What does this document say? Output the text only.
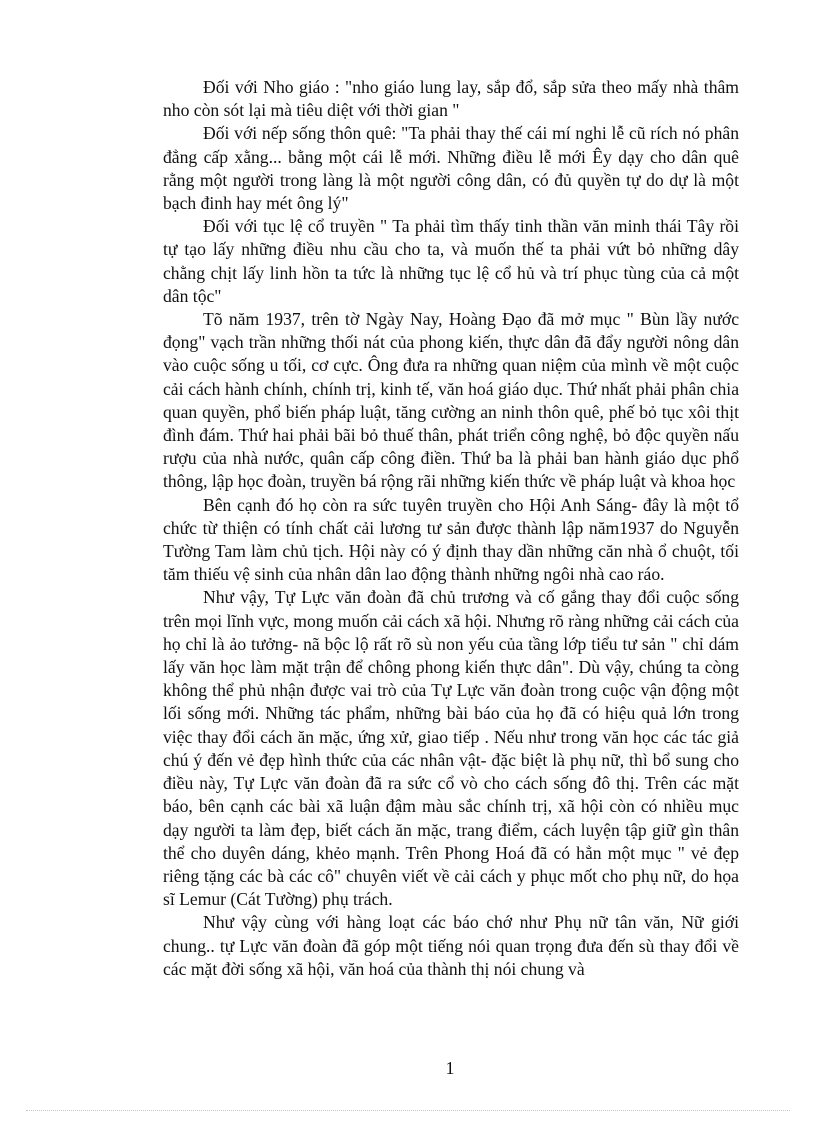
Đối với Nho giáo : "nho giáo lung lay, sắp đổ, sắp sửa theo mấy nhà thâm nho còn sót lại mà tiêu diệt với thời gian "

Đối với nếp sống thôn quê: "Ta phải thay thế cái mí nghi lễ cũ rích nó phân đẳng cấp xằng... bằng một cái lễ mới. Những điều lễ mới Êy dạy cho dân quê rằng một người trong làng là một người công dân, có đủ quyền tự do dự là một bạch đinh hay mét ông lý"

Đối với tục lệ cổ truyền " Ta phải tìm thấy tinh thần văn minh thái Tây rồi tự tạo lấy những điều nhu cầu cho ta, và muốn thế ta phải vứt bỏ những dây chằng chịt lấy linh hồn ta tức là những tục lệ cổ hủ và trí phục tùng của cả một dân tộc"

Tõ năm 1937, trên tờ Ngày Nay, Hoàng Đạo đã mở mục " Bùn lầy nước đọng" vạch trần những thối nát của phong kiến, thực dân đã đẩy người nông dân vào cuộc sống u tối, cơ cực. Ông đưa ra những quan niệm của mình về một cuộc cải cách hành chính, chính trị, kinh tế, văn hoá giáo dục. Thứ nhất phải phân chia quan quyền, phổ biến pháp luật, tăng cường an ninh thôn quê, phế bỏ tục xôi thịt đình đám. Thứ hai phải bãi bỏ thuế thân, phát triển công nghệ, bỏ độc quyền nấu rượu của nhà nước, quân cấp công điền. Thứ ba là phải ban hành giáo dục phổ thông, lập học đoàn, truyền bá rộng rãi những kiến thức về pháp luật và khoa học

Bên cạnh đó họ còn ra sức tuyên truyền cho Hội Anh Sáng- đây là một tổ chức từ thiện có tính chất cải lương tư sản được thành lập năm1937 do Nguyễn Tường Tam làm chủ tịch. Hội này có ý định thay dần những căn nhà ổ chuột, tối tăm thiếu vệ sinh của nhân dân lao động thành những ngôi nhà cao ráo.

Như vậy, Tự Lực văn đoàn đã chủ trương và cố gắng thay đổi cuộc sống trên mọi lĩnh vực, mong muốn cải cách xã hội. Nhưng rõ ràng những cải cách của họ chỉ là ảo tưởng- nã bộc lộ rất rõ sù non yếu của tầng lớp tiểu tư sản " chỉ dám lấy văn học làm mặt trận để chông phong kiến thực dân". Dù vậy, chúng ta còng không thể phủ nhận được vai trò của Tự Lực văn đoàn trong cuộc vận động một lối sống mới. Những tác phẩm, những bài báo của họ đã có hiệu quả lớn trong việc thay đổi cách ăn mặc, ứng xử, giao tiếp . Nếu như trong văn học các tác giả chú ý đến vẻ đẹp hình thức của các nhân vật- đặc biệt là phụ nữ, thì bổ sung cho điều này, Tự Lực văn đoàn đã ra sức cổ vò cho cách sống đô thị. Trên các mặt báo, bên cạnh các bài xã luận đậm màu sắc chính trị, xã hội còn có nhiều mục dạy người ta làm đẹp, biết cách ăn mặc, trang điểm, cách luyện tập giữ gìn thân thể cho duyên dáng, khẻo mạnh. Trên Phong Hoá đã có hẳn một mục " vẻ đẹp riêng tặng các bà các cô" chuyên viết về cải cách y phục mốt cho phụ nữ, do họa sĩ Lemur (Cát Tường) phụ trách.

Như vậy cùng với hàng loạt các báo chớ như Phụ nữ tân văn, Nữ giới chung.. tự Lực văn đoàn đã góp một tiếng nói quan trọng đưa đến sù thay đổi về các mặt đời sống xã hội, văn hoá của thành thị nói chung và

1
